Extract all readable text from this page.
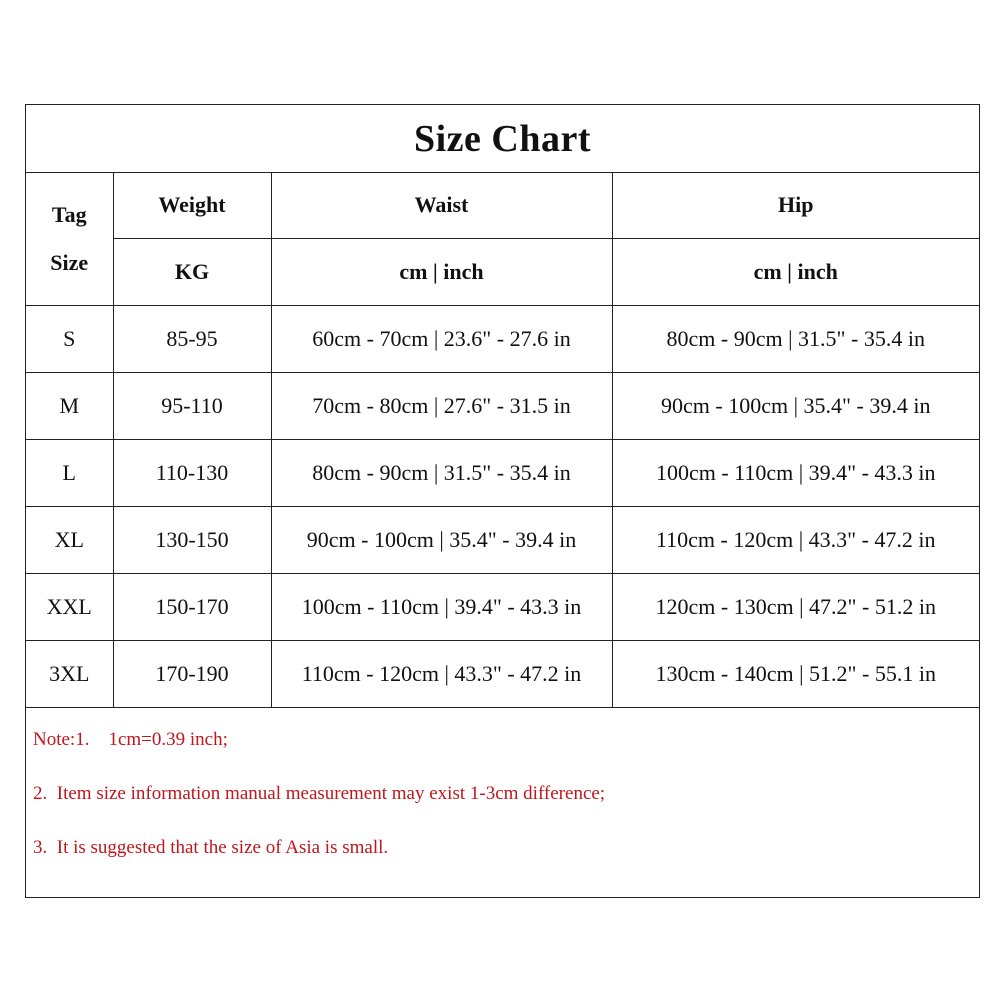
Size Chart
Tag
Size	Weight	Waist	Hip
	KG	cm | inch	cm | inch
S	85-95	60cm - 70cm | 23.6" - 27.6 in	80cm - 90cm | 31.5" - 35.4 in
M	95-110	70cm - 80cm | 27.6" - 31.5 in	90cm - 100cm | 35.4" - 39.4 in
L	110-130	80cm - 90cm | 31.5" - 35.4 in	100cm - 110cm | 39.4" - 43.3 in
XL	130-150	90cm - 100cm | 35.4" - 39.4 in	110cm - 120cm | 43.3" - 47.2 in
XXL	150-170	100cm - 110cm | 39.4" - 43.3 in	120cm - 130cm | 47.2" - 51.2 in
3XL	170-190	110cm - 120cm | 43.3" - 47.2 in	130cm - 140cm | 51.2" - 55.1 in
Note:1.    1cm=0.39 inch;
2.  Item size information manual measurement may exist 1-3cm difference;
3.  It is suggested that the size of Asia is small.
